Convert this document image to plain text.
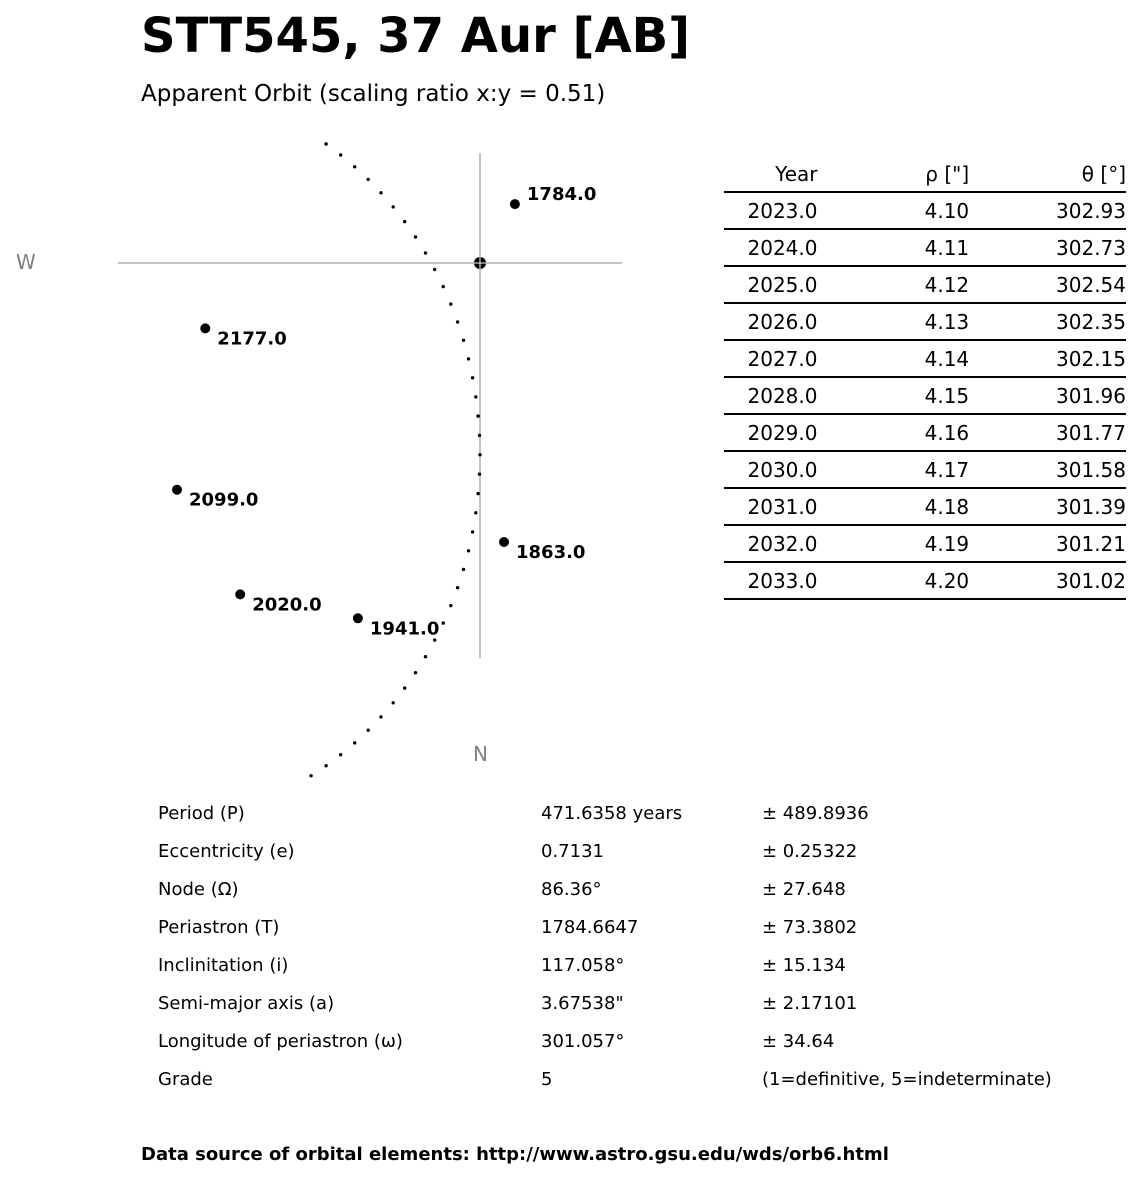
STT545, 37 Aur [AB]
Apparent Orbit (scaling ratio x:y = 0.51)
1784.0
1863.0
1941.0
2020.0
2099.0
2177.0
W
N
Year	ρ ["]	θ [°]
2023.0	4.10	302.93
2024.0	4.11	302.73
2025.0	4.12	302.54
2026.0	4.13	302.35
2027.0	4.14	302.15
2028.0	4.15	301.96
2029.0	4.16	301.77
2030.0	4.17	301.58
2031.0	4.18	301.39
2032.0	4.19	301.21
2033.0	4.20	301.02
Period (P)	471.6358 years	± 489.8936
Eccentricity (e)	0.7131	± 0.25322
Node (Ω)	86.36°	± 27.648
Periastron (T)	1784.6647	± 73.3802
Inclinitation (i)	117.058°	± 15.134
Semi-major axis (a)	3.67538"	± 2.17101
Longitude of periastron (ω)	301.057°	± 34.64
Grade	5	(1=definitive, 5=indeterminate)
Data source of orbital elements: http://www.astro.gsu.edu/wds/orb6.html
